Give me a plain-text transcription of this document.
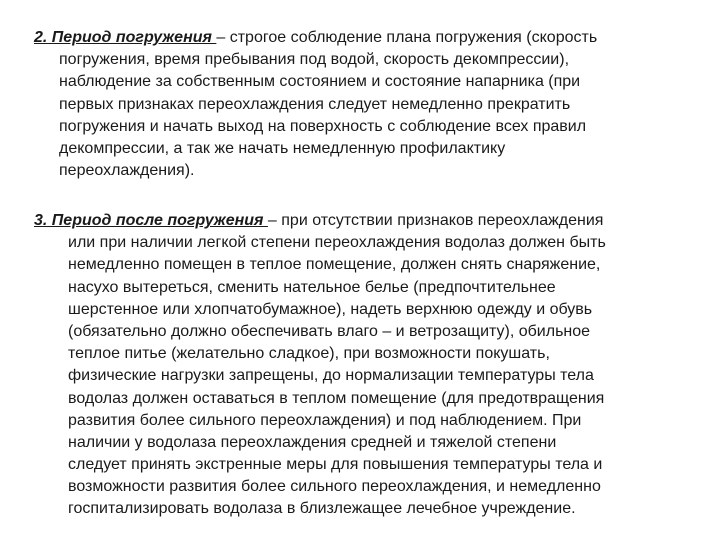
2. Период погружения – строгое соблюдение плана погружения (скорость
погружения, время пребывания под водой, скорость декомпрессии),
наблюдение за собственным состоянием и состояние напарника (при
первых признаках переохлаждения следует немедленно прекратить
погружения и начать выход на поверхность с соблюдение всех правил
декомпрессии, а так же начать немедленную профилактику
переохлаждения).

3. Период после погружения – при отсутствии признаков переохлаждения
или при наличии легкой степени переохлаждения водолаз должен быть
немедленно помещен в теплое помещение, должен снять снаряжение,
насухо вытереться, сменить нательное белье (предпочтительнее
шерстенное или хлопчатобумажное), надеть верхнюю одежду и обувь
(обязательно должно обеспечивать влаго – и ветрозащиту), обильное
теплое питье (желательно сладкое), при возможности покушать,
физические нагрузки запрещены, до нормализации температуры тела
водолаз должен оставаться в теплом помещение (для предотвращения
развития более сильного переохлаждения) и под наблюдением. При
наличии у водолаза переохлаждения средней и тяжелой степени
следует принять экстренные меры для повышения температуры тела и
возможности развития более сильного переохлаждения, и немедленно
госпитализировать водолаза в близлежащее лечебное учреждение.
